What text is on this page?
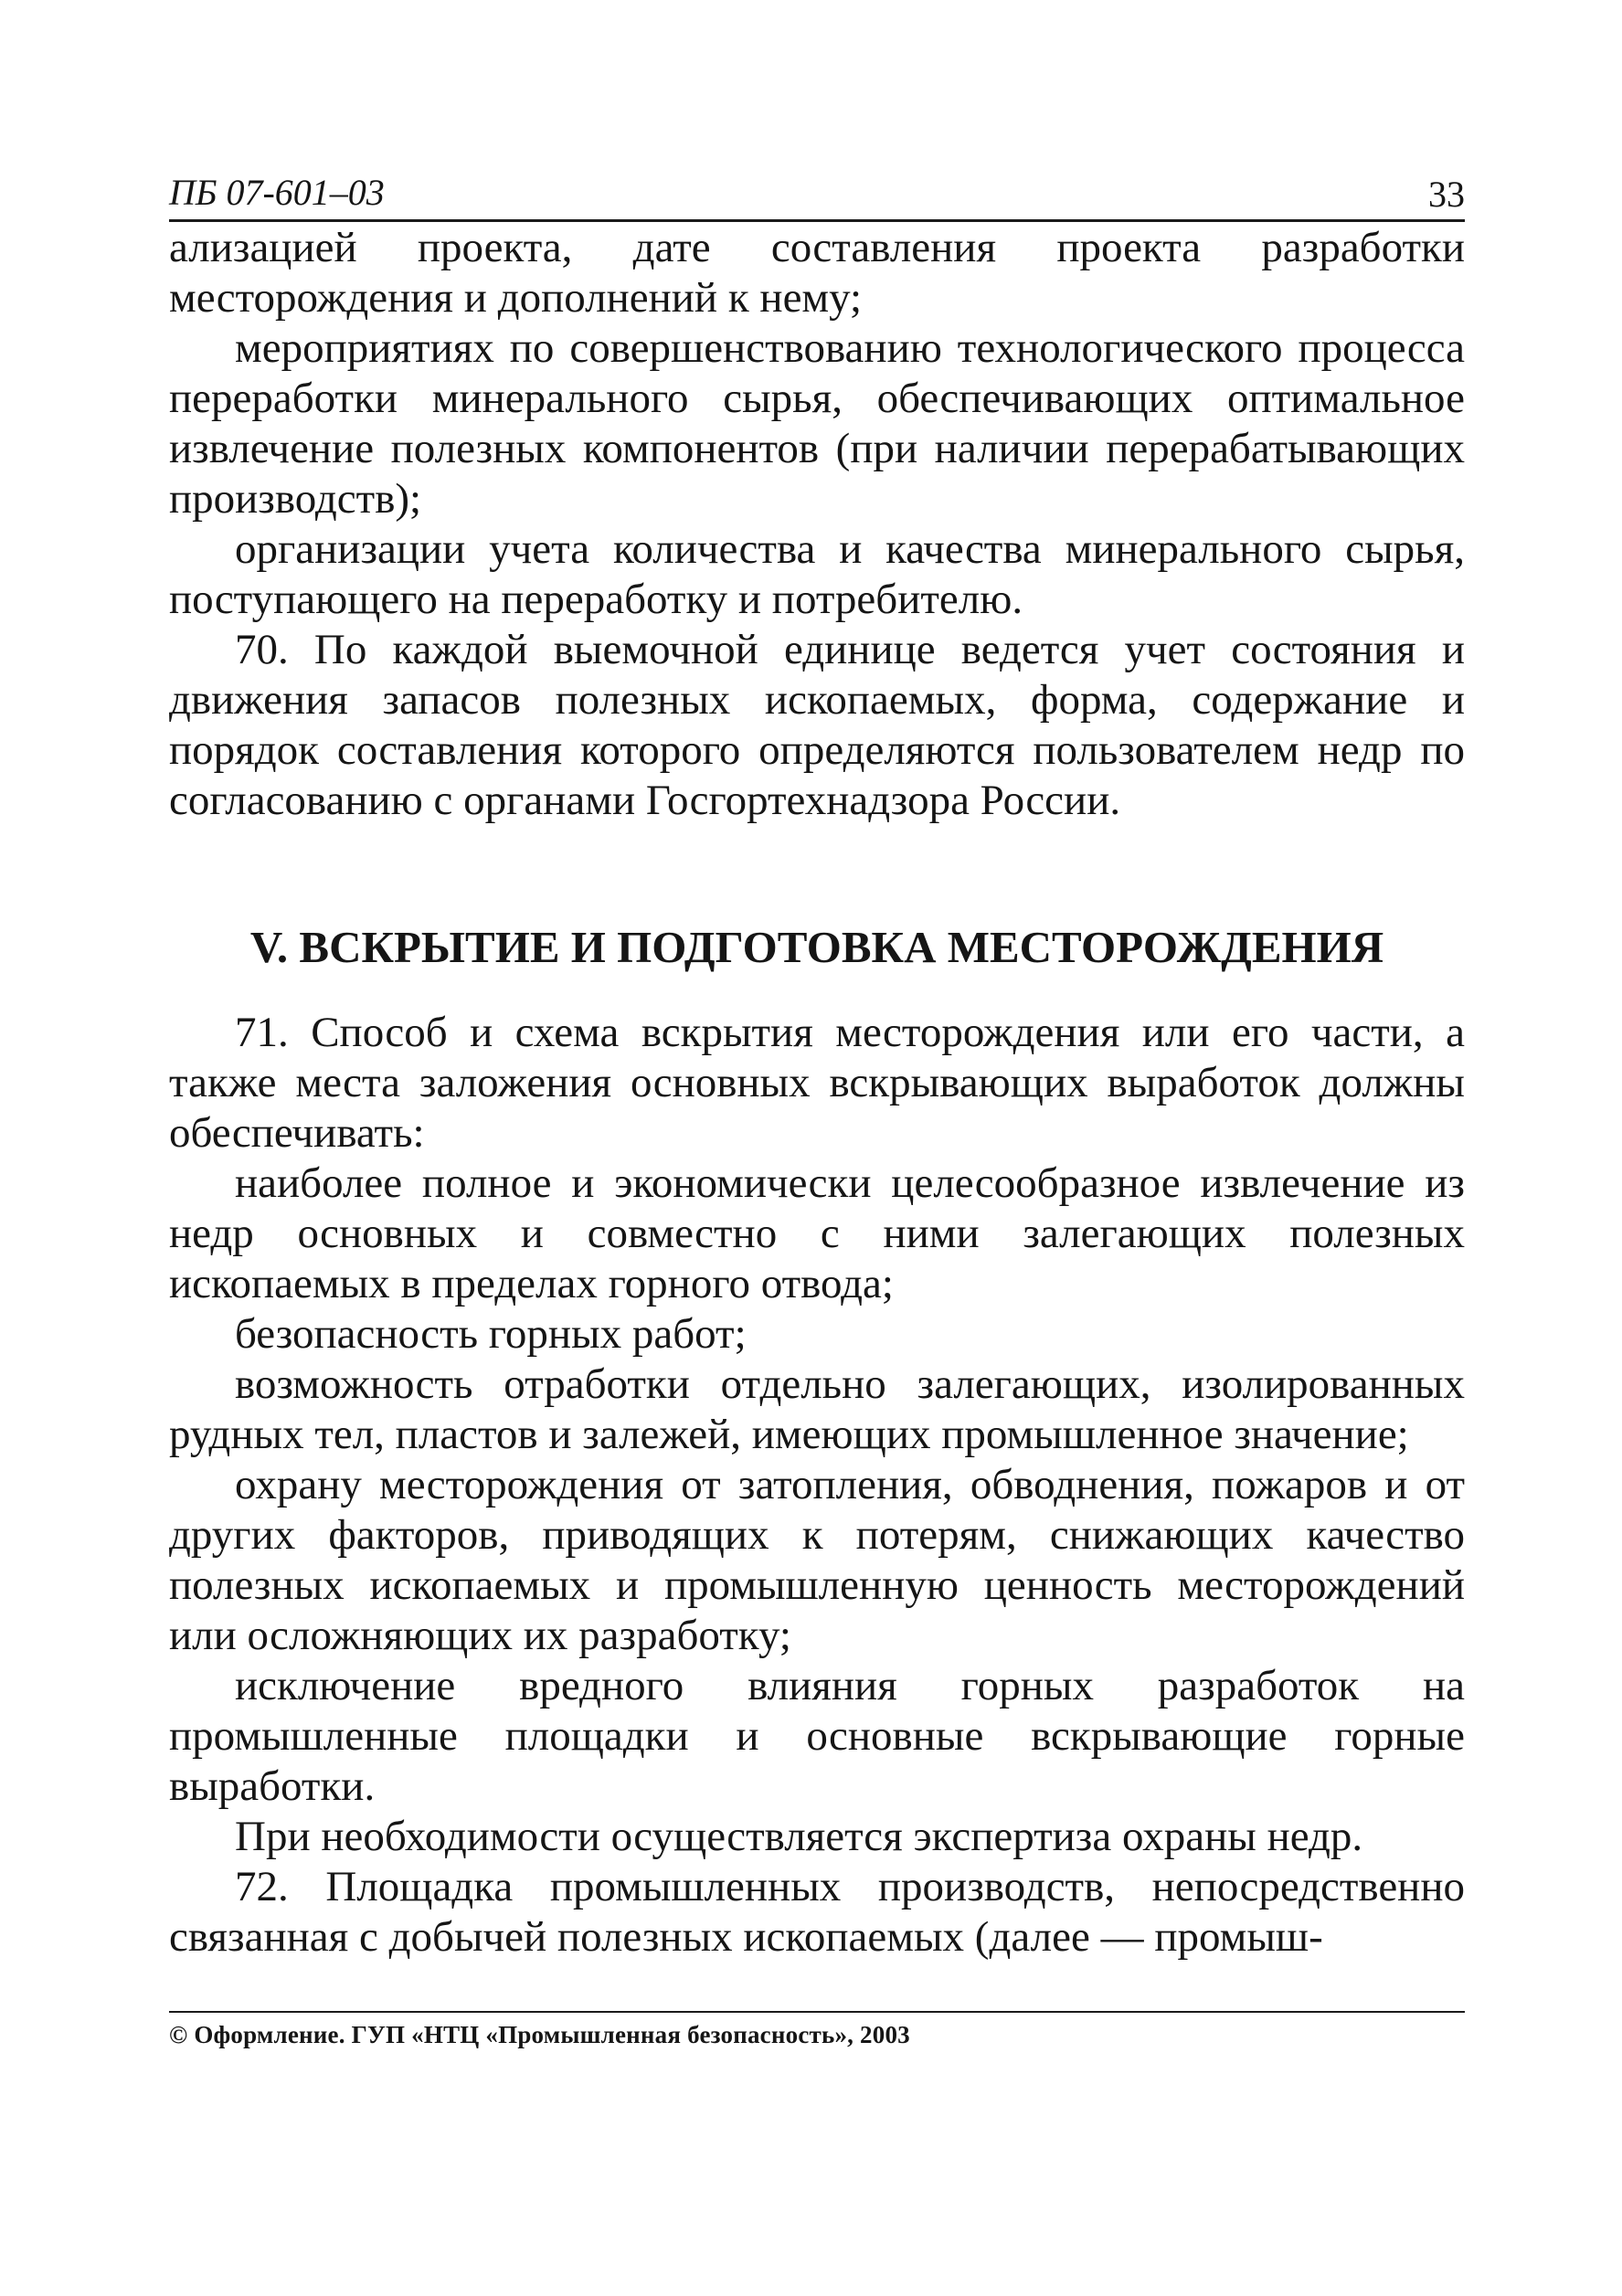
ПБ 07-601–03	33

ализацией проекта, дате составления проекта разработки месторождения и дополнений к нему;

мероприятиях по совершенствованию технологического процесса переработки минерального сырья, обеспечивающих оптимальное извлечение полезных компонентов (при наличии перерабатывающих производств);

организации учета количества и качества минерального сырья, поступающего на переработку и потребителю.

70. По каждой выемочной единице ведется учет состояния и движения запасов полезных ископаемых, форма, содержание и порядок составления которого определяются пользователем недр по согласованию с органами Госгортехнадзора России.

V. ВСКРЫТИЕ И ПОДГОТОВКА МЕСТОРОЖДЕНИЯ

71. Способ и схема вскрытия месторождения или его части, а также места заложения основных вскрывающих выработок должны обеспечивать:

наиболее полное и экономически целесообразное извлечение из недр основных и совместно с ними залегающих полезных ископаемых в пределах горного отвода;

безопасность горных работ;

возможность отработки отдельно залегающих, изолированных рудных тел, пластов и залежей, имеющих промышленное значение;

охрану месторождения от затопления, обводнения, пожаров и от других факторов, приводящих к потерям, снижающих качество полезных ископаемых и промышленную ценность месторождений или осложняющих их разработку;

исключение вредного влияния горных разработок на промышленные площадки и основные вскрывающие горные выработки.

При необходимости осуществляется экспертиза охраны недр.

72. Площадка промышленных производств, непосредственно связанная с добычей полезных ископаемых (далее — промыш-

© Оформление. ГУП «НТЦ «Промышленная безопасность», 2003
